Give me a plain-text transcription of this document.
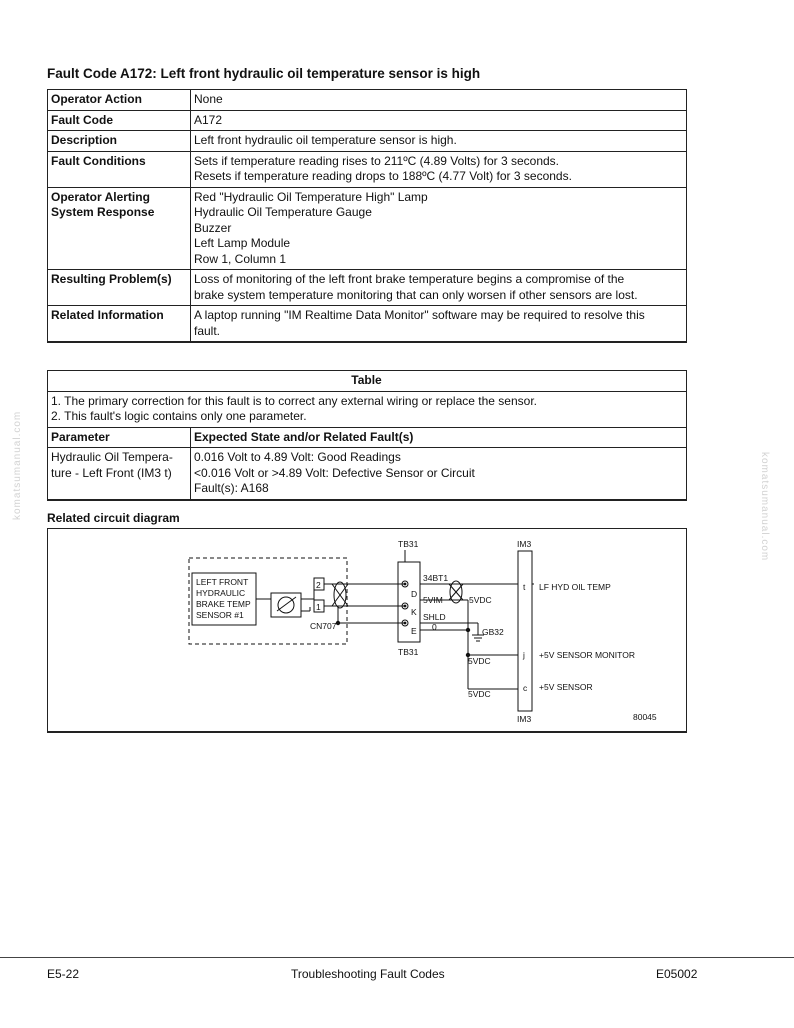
komatsumanual.com	komatsumanual.com
Fault Code A172: Left front hydraulic oil temperature sensor is high
Operator Action	None

Fault Code	A172

Description	Left front hydraulic oil temperature sensor is high.

Fault Conditions	Sets if temperature reading rises to 211ºC (4.89 Volts) for 3 seconds.
Resets if temperature reading drops to 188ºC (4.77 Volt) for 3 seconds.

Operator Alerting System Response	Red "Hydraulic Oil Temperature High" Lamp
Hydraulic Oil Temperature Gauge
Buzzer
Left Lamp Module
Row 1, Column 1

Resulting Problem(s)	Loss of monitoring of the left front brake temperature begins a compromise of the
brake system temperature monitoring that can only worsen if other sensors are lost.

Related Information	A laptop running "IM Realtime Data Monitor" software may be required to resolve this
fault.
Table	

1. The primary correction for this fault is to correct any external wiring or replace the sensor.
2. This fault's logic contains only one parameter.	

Parameter	Expected State and/or Related Fault(s)

Hydraulic Oil Tempera-
ture - Left Front (IM3 t)	0.016 Volt to 4.89 Volt: Good Readings
<0.016 Volt or >4.89 Volt: Defective Sensor or Circuit
Fault(s): A168
Related circuit diagram
LEFT FRONT
HYDRAULIC
BRAKE TEMP
SENSOR #1
2
1
CN707
TB31
TB31
D
K
E
34BT1
5VIM
SHLD
0
5VDC
GB32
5VDC
5VDC
IM3
IM3
t
j
c
LF HYD OIL TEMP
+5V SENSOR MONITOR
+5V SENSOR
80045
E5-22	Troubleshooting Fault Codes	E05002
